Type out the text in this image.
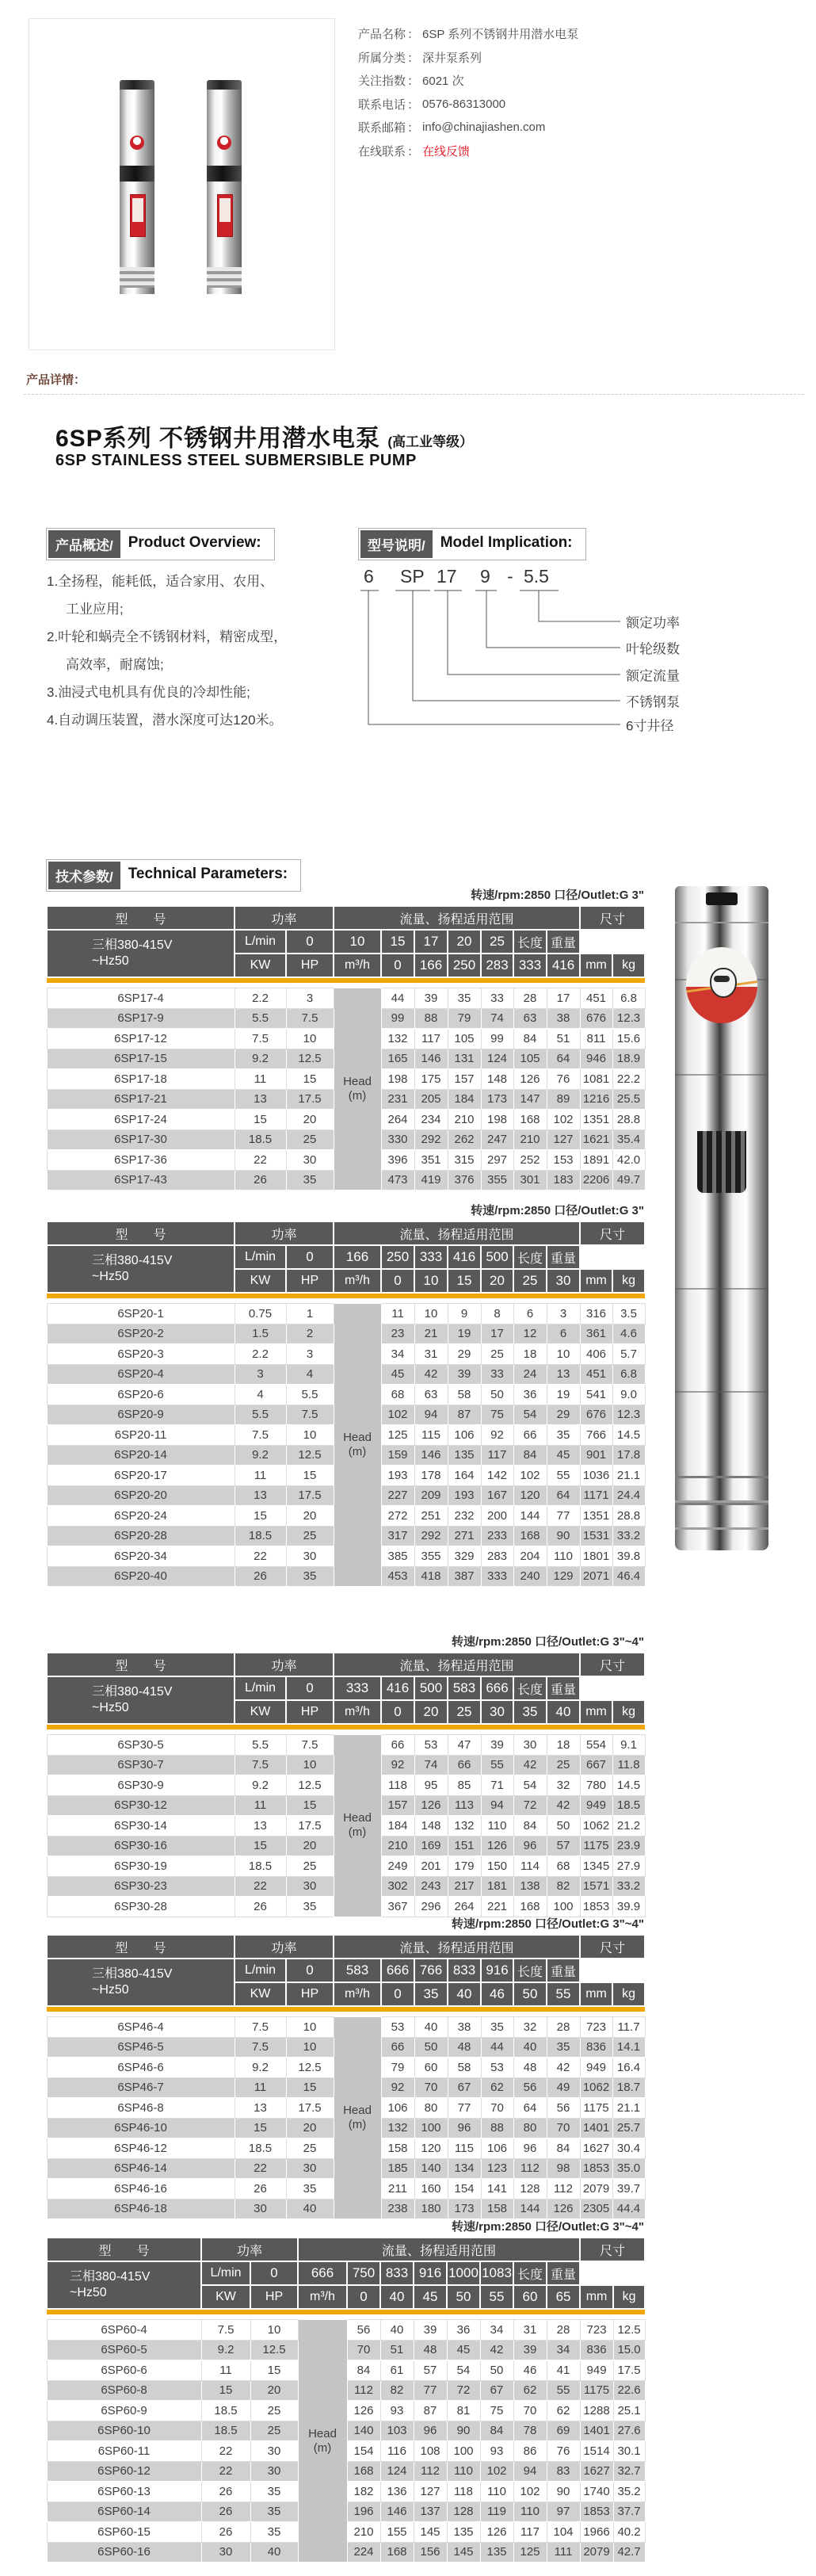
产品名称 ： 6SP 系列不锈钢井用潜水电泵
所属分类 ： 深井泵系列
关注指数 ： 6021 次
联系电话 ： 0576-86313000
联系邮箱 ： info@chinajiashen.com
在线联系 ： 在线反馈
产品详情：
6SP系列 不锈钢井用潜水电泵 (高工业等级）
6SP STAINLESS STEEL SUBMERSIBLE PUMP
产品概述/	Product Overview:	型号说明/	Model Implication:
1.全扬程，能耗低，适合家用、农用、
工业应用;
2.叶轮和蜗壳全不锈钢材料，精密成型，
高效率，耐腐蚀;
3.油浸式电机具有优良的冷却性能;
4.自动调压装置，潜水深度可达120米。
6 SP 17 9 - 5.5
额定功率
叶轮级数
额定流量
不锈钢泵
6寸井径
技术参数/	Technical Parameters:
转速/rpm:2850 口径/Outlet:G 3"
转速/rpm:2850 口径/Outlet:G 3"
转速/rpm:2850 口径/Outlet:G 3"~4"
转速/rpm:2850 口径/Outlet:G 3"~4"
转速/rpm:2850 口径/Outlet:G 3"~4"
型　　号	功率		流量、扬程适用范围							尺寸	

三相380-415V
~Hz50	L/min	0	10	15	17	20	25	长度	重量		
	KW	HP	m³/h	0	166	250	283	333	416	mm	kg

6SP17-4	2.2	3	Head (m)	44	39	35	33	28	17	451	6.8
6SP17-9	5.5	7.5		99	88	79	74	63	38	676	12.3
6SP17-12	7.5	10		132	117	105	99	84	51	811	15.6
6SP17-15	9.2	12.5		165	146	131	124	105	64	946	18.9
6SP17-18	11	15		198	175	157	148	126	76	1081	22.2
6SP17-21	13	17.5		231	205	184	173	147	89	1216	25.5
6SP17-24	15	20		264	234	210	198	168	102	1351	28.8
6SP17-30	18.5	25		330	292	262	247	210	127	1621	35.4
6SP17-36	22	30		396	351	315	297	252	153	1891	42.0
6SP17-43	26	35		473	419	376	355	301	183	2206	49.7
型　　号	功率		流量、扬程适用范围							尺寸	

三相380-415V
~Hz50	L/min	0	166	250	333	416	500	长度	重量		
	KW	HP	m³/h	0	10	15	20	25	30	mm	kg

6SP20-1	0.75	1	Head (m)	11	10	9	8	6	3	316	3.5
6SP20-2	1.5	2		23	21	19	17	12	6	361	4.6
6SP20-3	2.2	3		34	31	29	25	18	10	406	5.7
6SP20-4	3	4		45	42	39	33	24	13	451	6.8
6SP20-6	4	5.5		68	63	58	50	36	19	541	9.0
6SP20-9	5.5	7.5		102	94	87	75	54	29	676	12.3
6SP20-11	7.5	10		125	115	106	92	66	35	766	14.5
6SP20-14	9.2	12.5		159	146	135	117	84	45	901	17.8
6SP20-17	11	15		193	178	164	142	102	55	1036	21.1
6SP20-20	13	17.5		227	209	193	167	120	64	1171	24.4
6SP20-24	15	20		272	251	232	200	144	77	1351	28.8
6SP20-28	18.5	25		317	292	271	233	168	90	1531	33.2
6SP20-34	22	30		385	355	329	283	204	110	1801	39.8
6SP20-40	26	35		453	418	387	333	240	129	2071	46.4
型　　号	功率		流量、扬程适用范围							尺寸	

三相380-415V
~Hz50	L/min	0	333	416	500	583	666	长度	重量		
	KW	HP	m³/h	0	20	25	30	35	40	mm	kg

6SP30-5	5.5	7.5	Head (m)	66	53	47	39	30	18	554	9.1
6SP30-7	7.5	10		92	74	66	55	42	25	667	11.8
6SP30-9	9.2	12.5		118	95	85	71	54	32	780	14.5
6SP30-12	11	15		157	126	113	94	72	42	949	18.5
6SP30-14	13	17.5		184	148	132	110	84	50	1062	21.2
6SP30-16	15	20		210	169	151	126	96	57	1175	23.9
6SP30-19	18.5	25		249	201	179	150	114	68	1345	27.9
6SP30-23	22	30		302	243	217	181	138	82	1571	33.2
6SP30-28	26	35		367	296	264	221	168	100	1853	39.9
型　　号	功率		流量、扬程适用范围							尺寸	

三相380-415V
~Hz50	L/min	0	583	666	766	833	916	长度	重量		
	KW	HP	m³/h	0	35	40	46	50	55	mm	kg

6SP46-4	7.5	10	Head (m)	53	40	38	35	32	28	723	11.7
6SP46-5	7.5	10		66	50	48	44	40	35	836	14.1
6SP46-6	9.2	12.5		79	60	58	53	48	42	949	16.4
6SP46-7	11	15		92	70	67	62	56	49	1062	18.7
6SP46-8	13	17.5		106	80	77	70	64	56	1175	21.1
6SP46-10	15	20		132	100	96	88	80	70	1401	25.7
6SP46-12	18.5	25		158	120	115	106	96	84	1627	30.4
6SP46-14	22	30		185	140	134	123	112	98	1853	35.0
6SP46-16	26	35		211	160	154	141	128	112	2079	39.7
6SP46-18	30	40		238	180	173	158	144	126	2305	44.4
型　　号	功率		流量、扬程适用范围								尺寸	

三相380-415V
~Hz50	L/min	0	666	750	833	916	1000	1083	长度	重量		
	KW	HP	m³/h	0	40	45	50	55	60	65	mm	kg

6SP60-4	7.5	10	Head (m)	56	40	39	36	34	31	28	723	12.5
6SP60-5	9.2	12.5		70	51	48	45	42	39	34	836	15.0
6SP60-6	11	15		84	61	57	54	50	46	41	949	17.5
6SP60-8	15	20		112	82	77	72	67	62	55	1175	22.6
6SP60-9	18.5	25		126	93	87	81	75	70	62	1288	25.1
6SP60-10	18.5	25		140	103	96	90	84	78	69	1401	27.6
6SP60-11	22	30		154	116	108	100	93	86	76	1514	30.1
6SP60-12	22	30		168	124	112	110	102	94	83	1627	32.7
6SP60-13	26	35		182	136	127	118	110	102	90	1740	35.2
6SP60-14	26	35		196	146	137	128	119	110	97	1853	37.7
6SP60-15	26	35		210	155	145	135	126	117	104	1966	40.2
6SP60-16	30	40		224	168	156	145	135	125	111	2079	42.7
